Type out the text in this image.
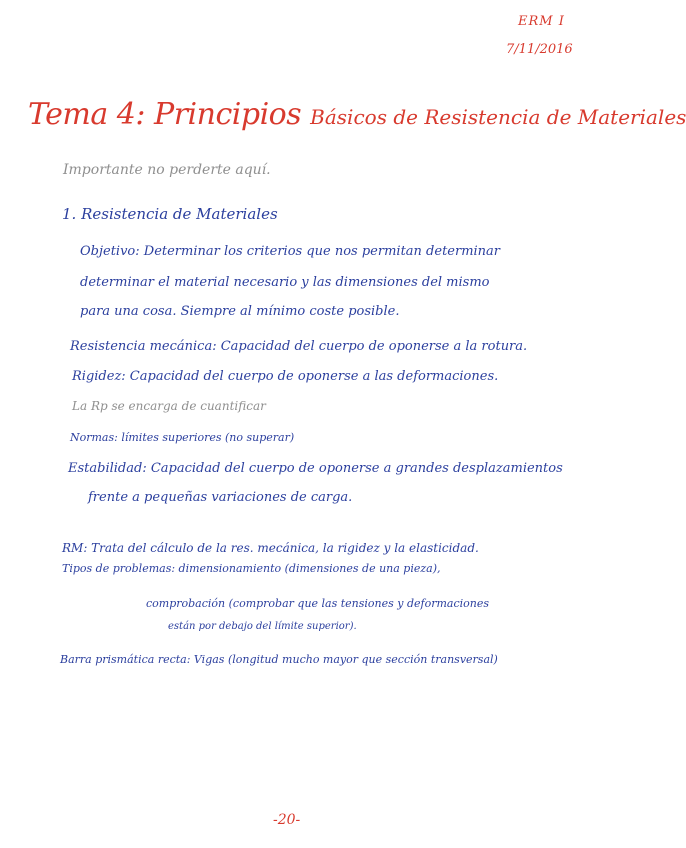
ERM I
7/11/2016
Tema 4: Principios Básicos de Resistencia de Materiales
Importante no perderte aquí.
1. Resistencia de Materiales
Objetivo: Determinar los criterios que nos permitan determinar
determinar el material necesario y las dimensiones del mismo
para una cosa. Siempre al mínimo coste posible.
Resistencia mecánica: Capacidad del cuerpo de oponerse a la rotura.
Rigidez: Capacidad del cuerpo de oponerse a las deformaciones.
La Rp se encarga de cuantificar
Normas: límites superiores (no superar)
Estabilidad: Capacidad del cuerpo de oponerse a grandes desplazamientos
frente a pequeñas variaciones de carga.
RM: Trata del cálculo de la res. mecánica, la rigidez y la elasticidad.
Tipos de problemas: dimensionamiento (dimensiones de una pieza),
comprobación (comprobar que las tensiones y deformaciones
están por debajo del límite superior).
Barra prismática recta: Vigas (longitud mucho mayor que sección transversal)
-20-
